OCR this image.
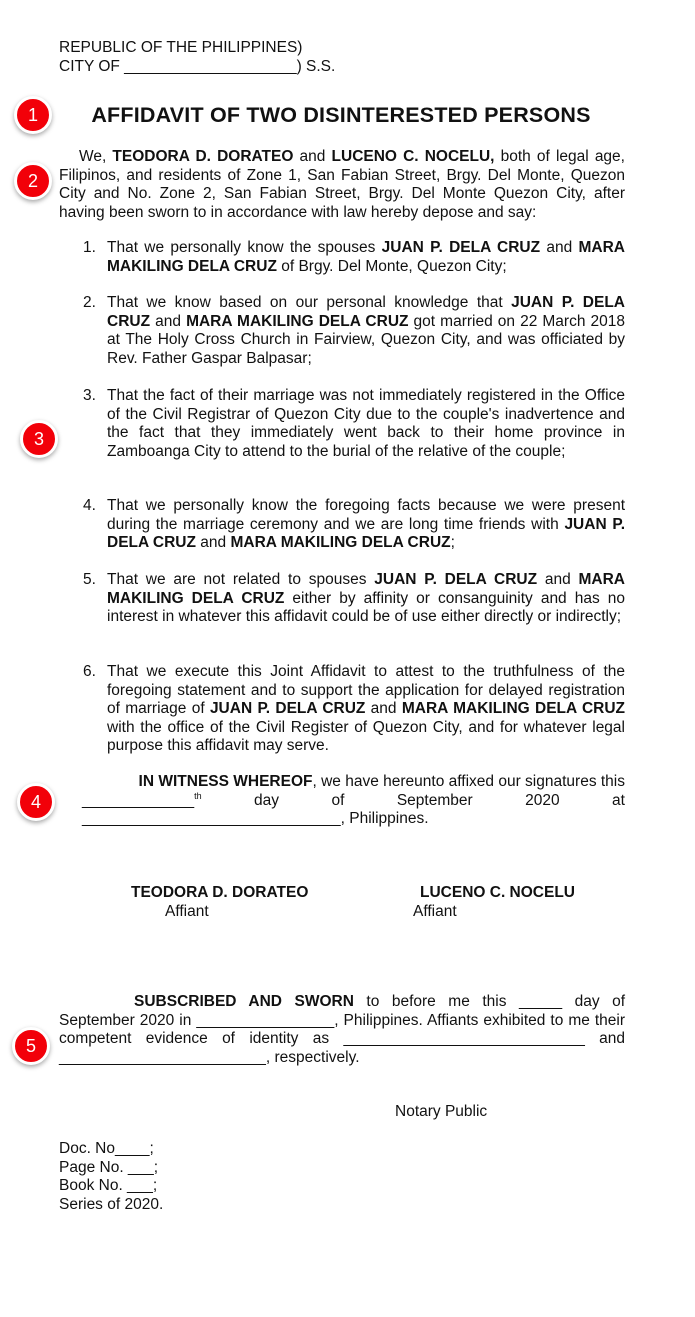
REPUBLIC OF THE PHILIPPINES)
CITY OF ____________________) S.S.
AFFIDAVIT OF TWO DISINTERESTED PERSONS
We, TEODORA D. DORATEO and LUCENO C. NOCELU, both of legal age, Filipinos, and residents of Zone 1, San Fabian Street, Brgy. Del Monte, Quezon City and No. Zone 2, San Fabian Street, Brgy. Del Monte Quezon City, after having been sworn to in accordance with law hereby depose and say:
1. That we personally know the spouses JUAN P. DELA CRUZ and MARA MAKILING DELA CRUZ of Brgy. Del Monte, Quezon City;
2. That we know based on our personal knowledge that JUAN P. DELA CRUZ and MARA MAKILING DELA CRUZ got married on 22 March 2018 at The Holy Cross Church in Fairview, Quezon City, and was officiated by Rev. Father Gaspar Balpasar;
3. That the fact of their marriage was not immediately registered in the Office of the Civil Registrar of Quezon City due to the couple's inadvertence and the fact that they immediately went back to their home province in Zamboanga City to attend to the burial of the relative of the couple;
4. That we personally know the foregoing facts because we were present during the marriage ceremony and we are long time friends with JUAN P. DELA CRUZ and MARA MAKILING DELA CRUZ;
5. That we are not related to spouses JUAN P. DELA CRUZ and MARA MAKILING DELA CRUZ either by affinity or consanguinity and has no interest in whatever this affidavit could be of use either directly or indirectly;
6. That we execute this Joint Affidavit to attest to the truthfulness of the foregoing statement and to support the application for delayed registration of marriage of JUAN P. DELA CRUZ and MARA MAKILING DELA CRUZ with the office of the Civil Register of Quezon City, and for whatever legal purpose this affidavit may serve.
IN WITNESS WHEREOF, we have hereunto affixed our signatures this
_____________$^{th}$	day	of	September	2020	at
______________________________, Philippines.
TEODORA D. DORATEO
Affiant
LUCENO C. NOCELU
Affiant
SUBSCRIBED AND SWORN to before me this _____ day of September 2020 in ________________, Philippines. Affiants exhibited to me their competent evidence of identity as ____________________________ and ________________________, respectively.
Notary Public
Doc. No____;
Page No. ___;
Book No. ___;
Series of 2020.
1
2
3
4
5
